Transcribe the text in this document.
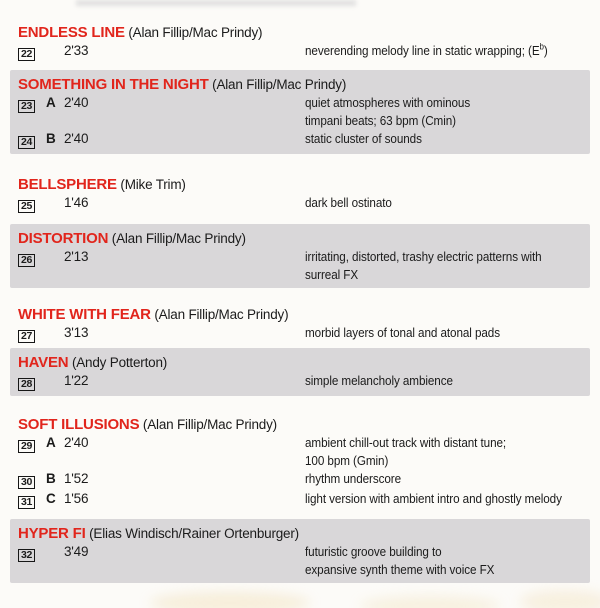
ENDLESS LINE (Alan Fillip/Mac Prindy)
22	2'33	neverending melody line in static wrapping; $(E^b)$
SOMETHING IN THE NIGHT (Alan Fillip/Mac Prindy)
23	A 2'40	quiet atmospheres with ominous
timpani beats; 63 bpm (Cmin)
24	B 2'40	static cluster of sounds
BELLSPHERE (Mike Trim)
25	1'46	dark bell ostinato
DISTORTION (Alan Fillip/Mac Prindy)
26	2'13	irritating, distorted, trashy electric patterns with
surreal FX
WHITE WITH FEAR (Alan Fillip/Mac Prindy)
27	3'13	morbid layers of tonal and atonal pads
HAVEN (Andy Potterton)
28	1'22	simple melancholy ambience
SOFT ILLUSIONS (Alan Fillip/Mac Prindy)
29	A 2'40	ambient chill-out track with distant tune;
100 bpm (Gmin)
30	B 1'52	rhythm underscore
31	C 1'56	light version with ambient intro and ghostly melody
HYPER FI (Elias Windisch/Rainer Ortenburger)
32	3'49	futuristic groove building to
expansive synth theme with voice FX
